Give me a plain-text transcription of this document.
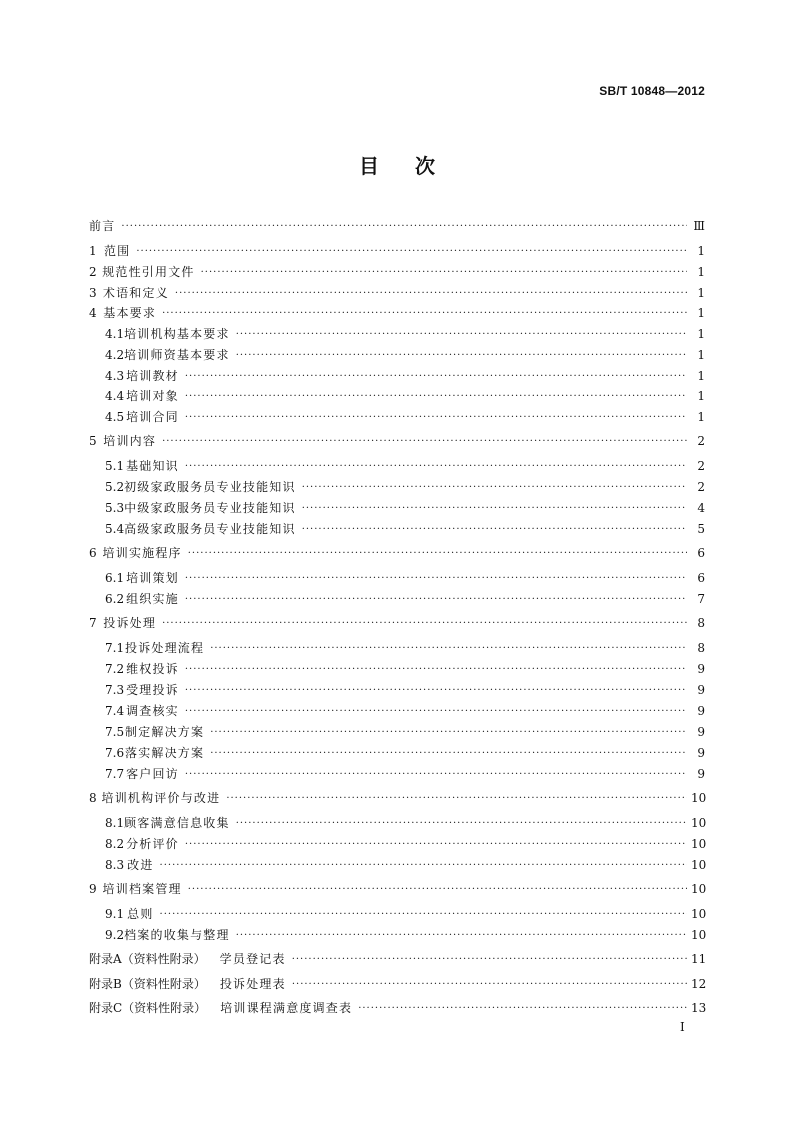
SB/T 10848—2012
目次
前言 ·····	Ⅲ
1 范围 ·····	1
2 规范性引用文件 ·····	1
3 术语和定义 ·····	1
4 基本要求 ·····	1
4.1 培训机构基本要求 ·····	1
4.2 培训师资基本要求 ·····	1
4.3 培训教材 ·····	1
4.4 培训对象 ·····	1
4.5 培训合同 ·····	1
5 培训内容 ·····	2
5.1 基础知识 ·····	2
5.2 初级家政服务员专业技能知识 ·····	2
5.3 中级家政服务员专业技能知识 ·····	4
5.4 高级家政服务员专业技能知识 ·····	5
6 培训实施程序 ·····	6
6.1 培训策划 ·····	6
6.2 组织实施 ·····	7
7 投诉处理 ·····	8
7.1 投诉处理流程 ·····	8
7.2 维权投诉 ·····	9
7.3 受理投诉 ·····	9
7.4 调查核实 ·····	9
7.5 制定解决方案 ·····	9
7.6 落实解决方案 ·····	9
7.7 客户回访 ·····	9
8 培训机构评价与改进 ·····	10
8.1 顾客满意信息收集 ·····	10
8.2 分析评价 ·····	10
8.3 改进 ·····	10
9 培训档案管理 ·····	10
9.1 总则 ·····	10
9.2 档案的收集与整理 ·····	10
附录A（资料性附录） 学员登记表 ·····	11
附录B（资料性附录） 投诉处理表 ·····	12
附录C（资料性附录） 培训课程满意度调查表 ·····	13
I
